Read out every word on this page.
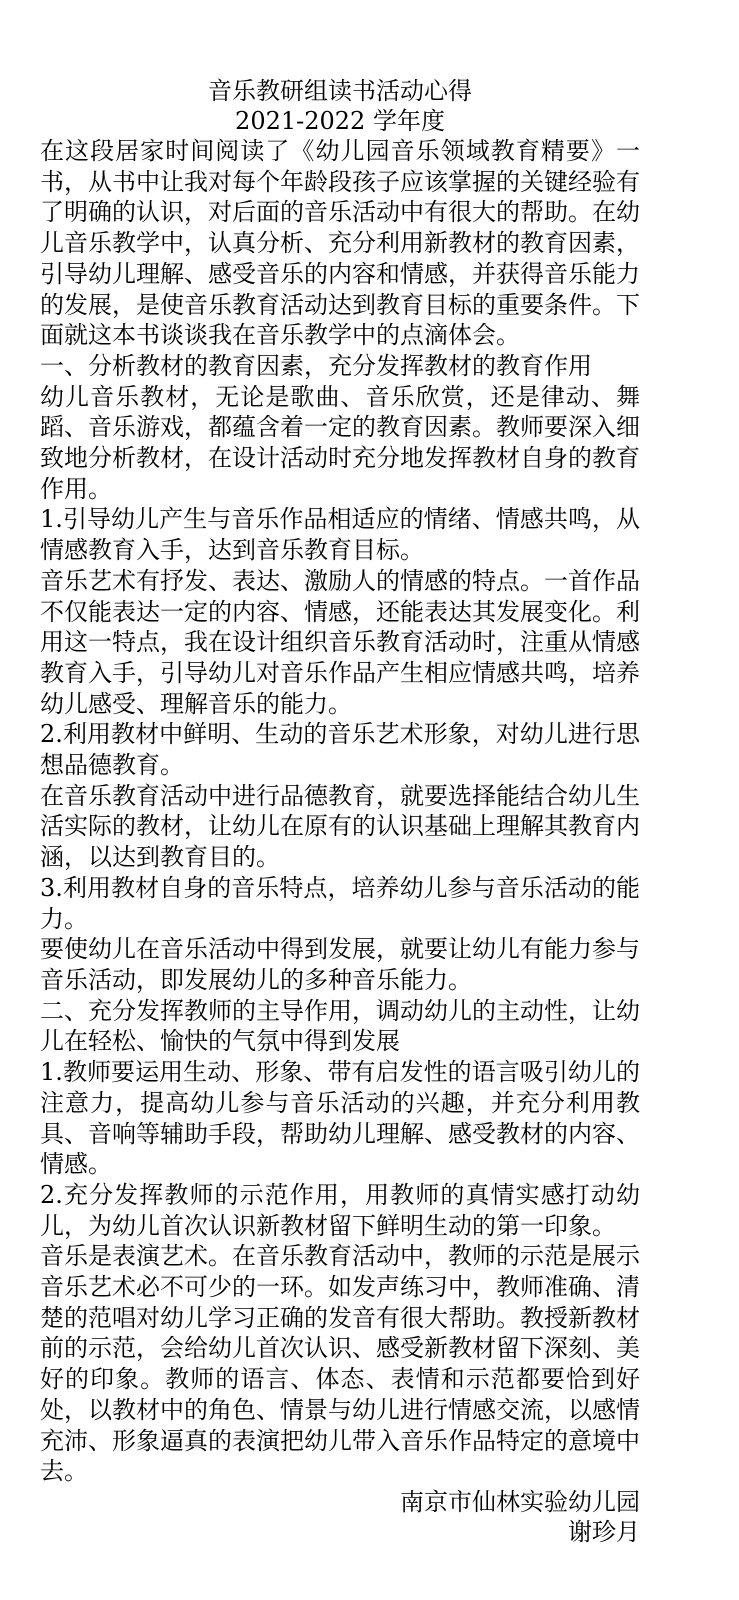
音乐教研组读书活动心得

2021-2022 学年度

在这段居家时间阅读了《幼儿园音乐领域教育精要》一书，从书中让我对每个年龄段孩子应该掌握的关键经验有了明确的认识，对后面的音乐活动中有很大的帮助。在幼儿音乐教学中，认真分析、充分利用新教材的教育因素，引导幼儿理解、感受音乐的内容和情感，并获得音乐能力的发展，是使音乐教育活动达到教育目标的重要条件。下面就这本书谈谈我在音乐教学中的点滴体会。

一、分析教材的教育因素，充分发挥教材的教育作用

幼儿音乐教材，无论是歌曲、音乐欣赏，还是律动、舞蹈、音乐游戏，都蕴含着一定的教育因素。教师要深入细致地分析教材，在设计活动时充分地发挥教材自身的教育作用。

1.引导幼儿产生与音乐作品相适应的情绪、情感共鸣，从情感教育入手，达到音乐教育目标。

音乐艺术有抒发、表达、激励人的情感的特点。一首作品不仅能表达一定的内容、情感，还能表达其发展变化。利用这一特点，我在设计组织音乐教育活动时，注重从情感教育入手，引导幼儿对音乐作品产生相应情感共鸣，培养幼儿感受、理解音乐的能力。

2.利用教材中鲜明、生动的音乐艺术形象，对幼儿进行思想品德教育。

在音乐教育活动中进行品德教育，就要选择能结合幼儿生活实际的教材，让幼儿在原有的认识基础上理解其教育内涵，以达到教育目的。

3.利用教材自身的音乐特点，培养幼儿参与音乐活动的能力。

要使幼儿在音乐活动中得到发展，就要让幼儿有能力参与音乐活动，即发展幼儿的多种音乐能力。

二、充分发挥教师的主导作用，调动幼儿的主动性，让幼儿在轻松、愉快的气氛中得到发展

1.教师要运用生动、形象、带有启发性的语言吸引幼儿的注意力，提高幼儿参与音乐活动的兴趣，并充分利用教具、音响等辅助手段，帮助幼儿理解、感受教材的内容、情感。

2.充分发挥教师的示范作用，用教师的真情实感打动幼儿，为幼儿首次认识新教材留下鲜明生动的第一印象。

音乐是表演艺术。在音乐教育活动中，教师的示范是展示音乐艺术必不可少的一环。如发声练习中，教师准确、清楚的范唱对幼儿学习正确的发音有很大帮助。教授新教材前的示范，会给幼儿首次认识、感受新教材留下深刻、美好的印象。教师的语言、体态、表情和示范都要恰到好处，以教材中的角色、情景与幼儿进行情感交流，以感情充沛、形象逼真的表演把幼儿带入音乐作品特定的意境中去。

南京市仙林实验幼儿园

谢珍月
